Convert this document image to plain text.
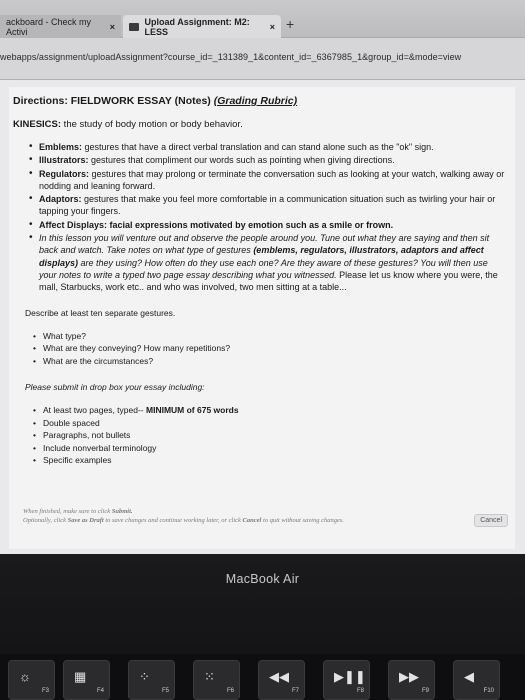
ackboard - Check my Activi	×	Upload Assignment: M2: LESS	× +
webapps/assignment/uploadAssignment?course_id=_131389_1&content_id=_6367985_1&group_id=&mode=view
Directions: FIELDWORK ESSAY (Notes) (Grading Rubric)
KINESICS: the study of body motion or body behavior.
• Emblems: gestures that have a direct verbal translation and can stand alone such as the "ok" sign.
• Illustrators: gestures that compliment our words such as pointing when giving directions.
• Regulators: gestures that may prolong or terminate the conversation such as looking at your watch, walking away or nodding and leaning forward.
• Adaptors: gestures that make you feel more comfortable in a communication situation such as twirling your hair or tapping your fingers.
• Affect Displays: facial expressions motivated by emotion such as a smile or frown.
• In this lesson you will venture out and observe the people around you. Tune out what they are saying and then sit back and watch. Take notes on what type of gestures (emblems, regulators, illustrators, adaptors and affect displays) are they using? How often do they use each one? Are they aware of these gestures? You will then use your notes to write a typed two page essay describing what you witnessed. Please let us know where you were, the mall, Starbucks, work etc.. and who was involved, two men sitting at a table...
Describe at least ten separate gestures.
• What type?
• What are they conveying? How many repetitions?
• What are the circumstances?
Please submit in drop box your essay including:
• At least two pages, typed-- MINIMUM of 675 words
• Double spaced
• Paragraphs, not bullets
• Include nonverbal terminology
• Specific examples
When finished, make sure to click Submit.
Optionally, click Save as Draft to save changes and continue working later, or click Cancel to quit without saving changes.	Cancel
MacBook Air
☼
F3
▦
F4
⁘
F5
⁙
F6
◀◀
F7
▶❚❚
F8
▶▶
F9
◀
F10
